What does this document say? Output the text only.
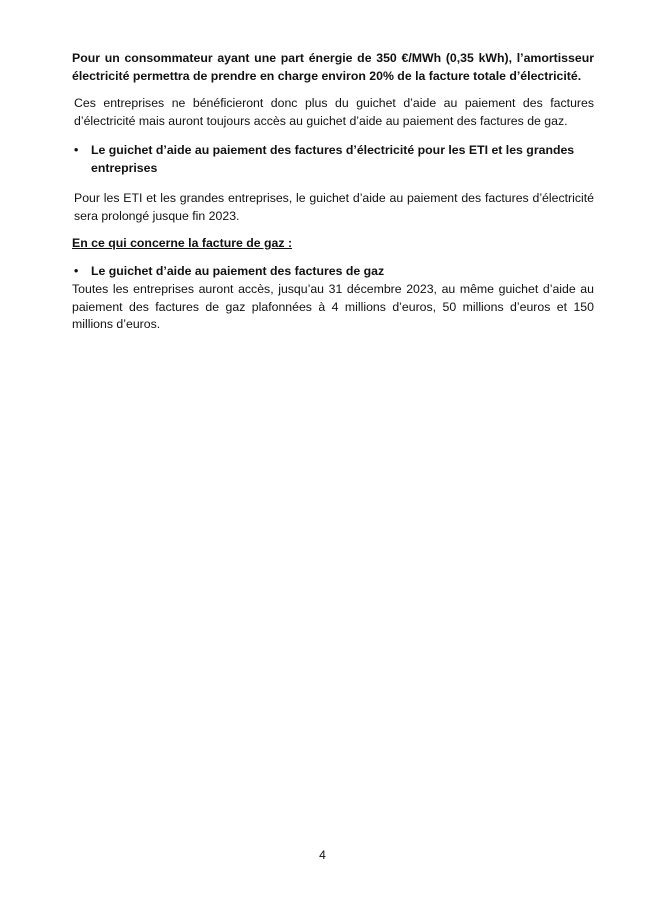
Pour un consommateur ayant une part énergie de 350 €/MWh (0,35 kWh), l’amortisseur électricité permettra de prendre en charge environ 20% de la facture totale d’électricité.

Ces entreprises ne bénéficieront donc plus du guichet d’aide au paiement des factures d’électricité mais auront toujours accès au guichet d’aide au paiement des factures de gaz.

• Le guichet d’aide au paiement des factures d’électricité pour les ETI et les grandes entreprises

Pour les ETI et les grandes entreprises, le guichet d’aide au paiement des factures d’électricité sera prolongé jusque fin 2023.

En ce qui concerne la facture de gaz :
• Le guichet d’aide au paiement des factures de gaz

Toutes les entreprises auront accès, jusqu’au 31 décembre 2023, au même guichet d’aide au paiement des factures de gaz plafonnées à 4 millions d’euros, 50 millions d’euros et 150 millions d’euros.

4
